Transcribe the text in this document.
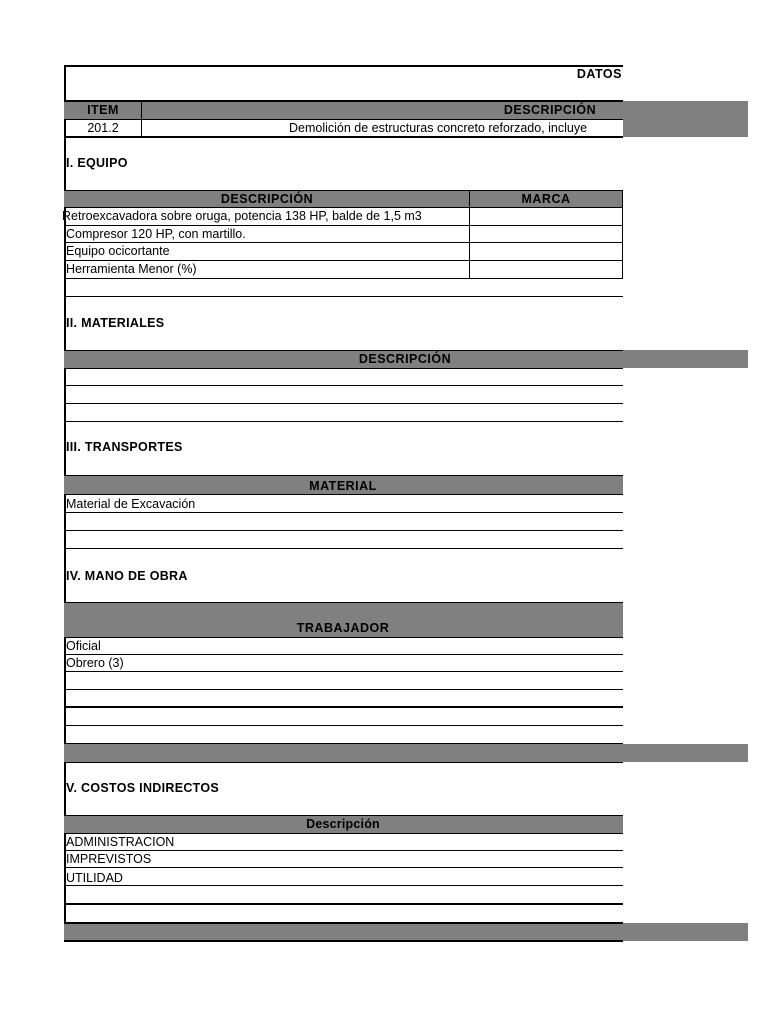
DATOS
ITEM	DESCRIPCIÓN
201.2	Demolición de estructuras concreto reforzado, incluye
I. EQUIPO
DESCRIPCIÓN	MARCA
Retroexcavadora sobre oruga, potencia 138 HP, balde de 1,5 m3
Compresor 120 HP, con martillo.
Equipo ocicortante
Herramienta Menor (%)
II. MATERIALES
DESCRIPCIÓN
III. TRANSPORTES
MATERIAL
Material de Excavación
IV. MANO DE OBRA
TRABAJADOR
Oficial
Obrero (3)
V. COSTOS INDIRECTOS
Descripción
ADMINISTRACION
IMPREVISTOS
UTILIDAD
